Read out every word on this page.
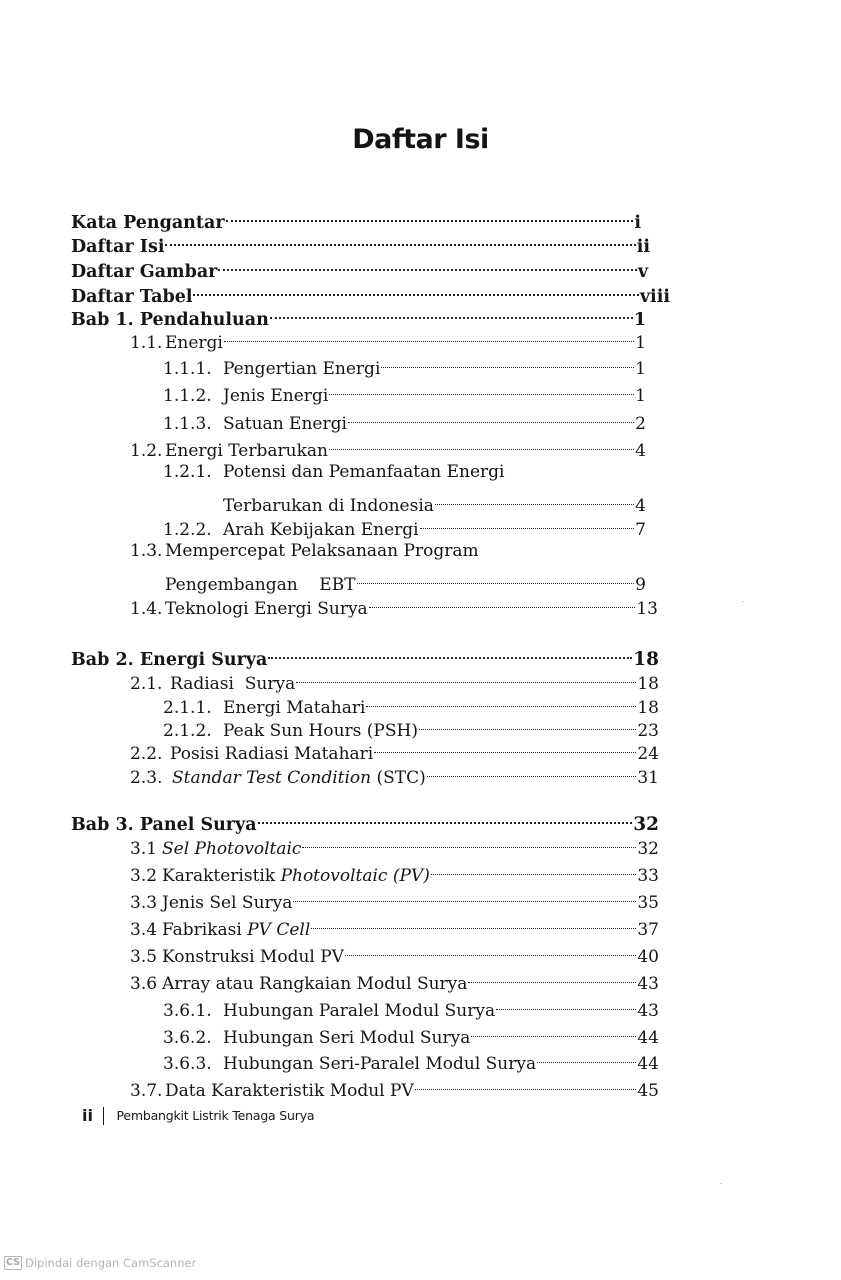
Daftar Isi
Kata Pengantar	i
Daftar Isi	ii
Daftar Gambar	v
Daftar Tabel	viii
Bab 1. Pendahuluan	1
1.1. Energi	1
1.1.1. Pengertian Energi	1
1.1.2. Jenis Energi	1
1.1.3. Satuan Energi	2
1.2. Energi Terbarukan	4
1.2.1. Potensi dan Pemanfaatan Energi
Terbarukan di Indonesia	4
1.2.2. Arah Kebijakan Energi	7
1.3. Mempercepat Pelaksanaan Program
Pengembangan    EBT	9
1.4. Teknologi Energi Surya	13
Bab 2. Energi Surya	18
2.1. Radiasi  Surya	18
2.1.1. Energi Matahari	18
2.1.2. Peak Sun Hours (PSH)	23
2.2. Posisi Radiasi Matahari	24
2.3. Standar Test Condition (STC)	31
Bab 3. Panel Surya	32
3.1 Sel Photovoltaic	32
3.2 Karakteristik Photovoltaic (PV)	33
3.3 Jenis Sel Surya	35
3.4 Fabrikasi PV Cell	37
3.5 Konstruksi Modul PV	40
3.6 Array atau Rangkaian Modul Surya	43
3.6.1. Hubungan Paralel Modul Surya	43
3.6.2. Hubungan Seri Modul Surya	44
3.6.3. Hubungan Seri-Paralel Modul Surya	44
3.7. Data Karakteristik Modul PV	45
ii Pembangkit Listrik Tenaga Surya
CS Dipindai dengan CamScanner
